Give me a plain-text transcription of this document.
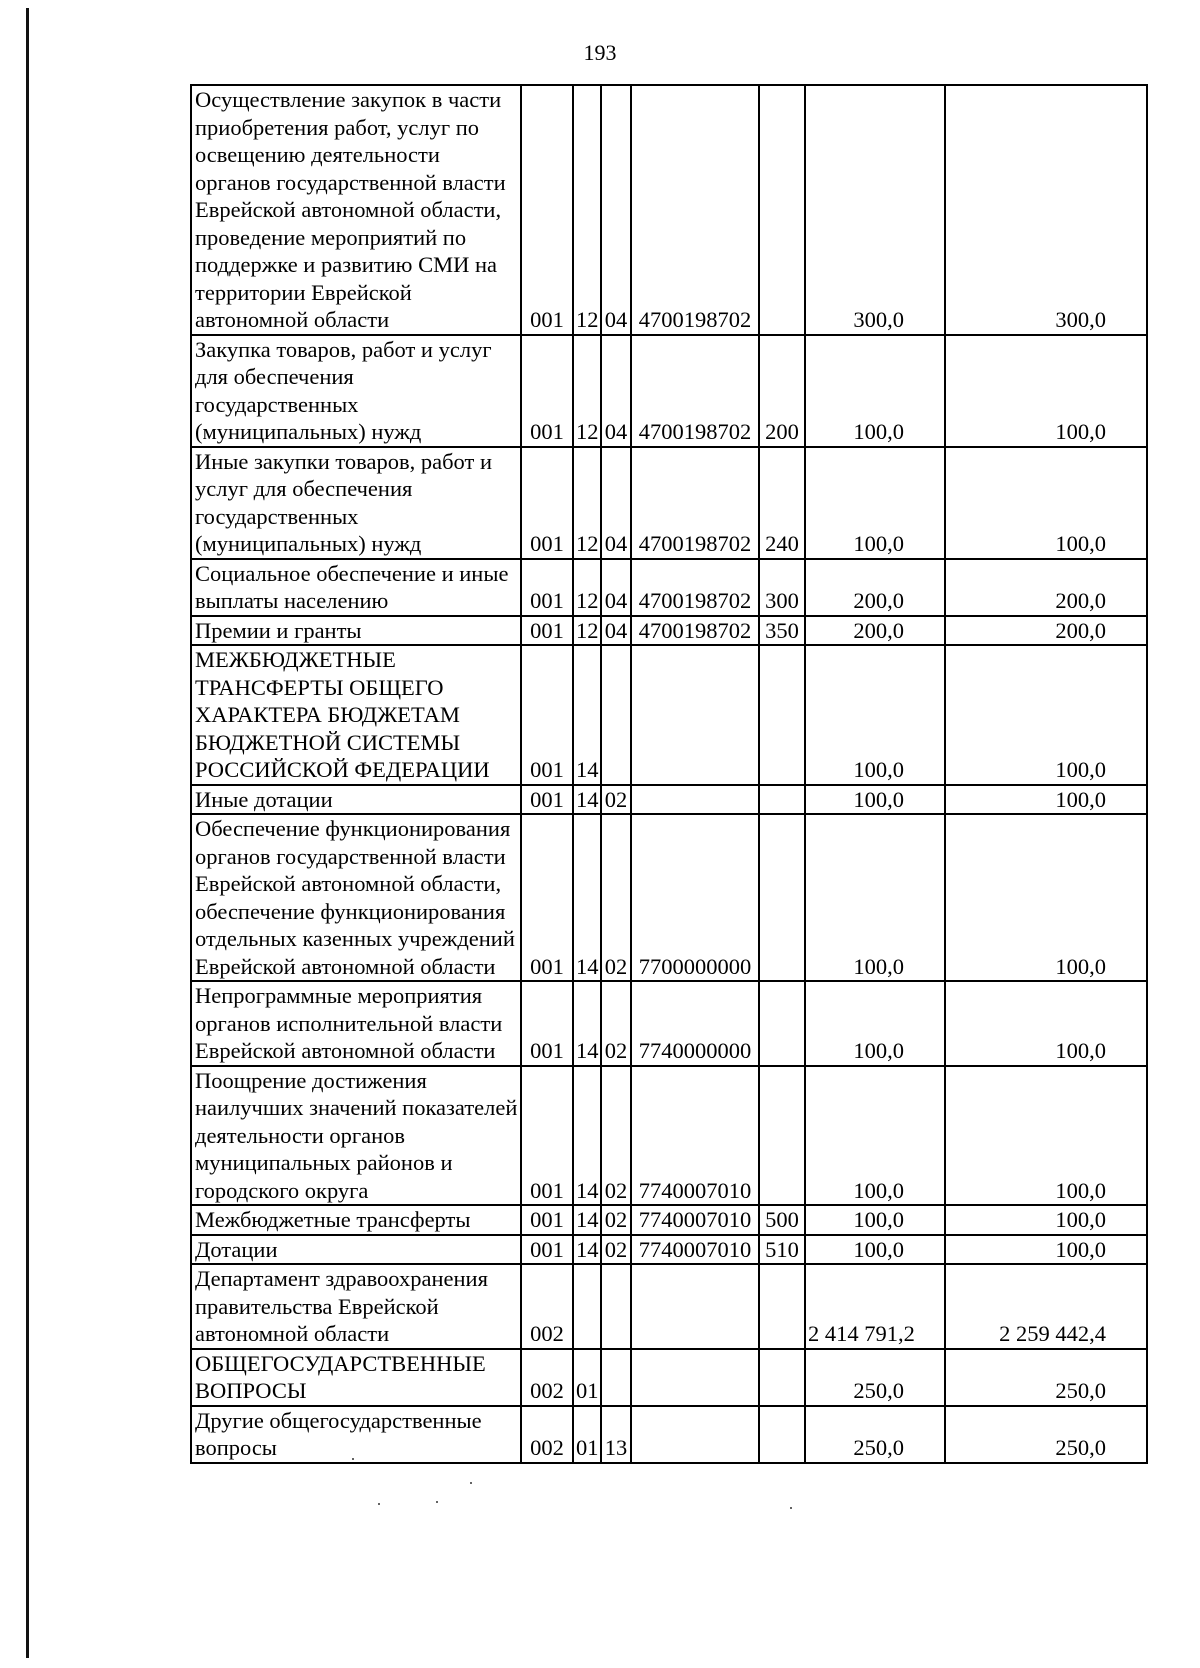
193
Осуществление закупок в части приобретения работ, услуг по освещению деятельности органов государственной власти Еврейской автономной области, проведение мероприятий по поддержке и развитию СМИ на территории Еврейской автономной области	001	12	04	4700198702		300,0	300,0
Закупка товаров, работ и услуг для обеспечения государственных (муниципальных) нужд	001	12	04	4700198702	200	100,0	100,0
Иные закупки товаров, работ и услуг для обеспечения государственных (муниципальных) нужд	001	12	04	4700198702	240	100,0	100,0
Социальное обеспечение и иные выплаты населению	001	12	04	4700198702	300	200,0	200,0
Премии и гранты	001	12	04	4700198702	350	200,0	200,0
МЕЖБЮДЖЕТНЫЕ ТРАНСФЕРТЫ ОБЩЕГО ХАРАКТЕРА БЮДЖЕТАМ БЮДЖЕТНОЙ СИСТЕМЫ РОССИЙСКОЙ ФЕДЕРАЦИИ	001	14				100,0	100,0
Иные дотации	001	14	02			100,0	100,0
Обеспечение функционирования органов государственной власти Еврейской автономной области, обеспечение функционирования отдельных казенных учреждений Еврейской автономной области	001	14	02	7700000000		100,0	100,0
Непрограммные мероприятия органов исполнительной власти Еврейской автономной области	001	14	02	7740000000		100,0	100,0
Поощрение достижения наилучших значений показателей деятельности органов муниципальных районов и городского округа	001	14	02	7740007010		100,0	100,0
Межбюджетные трансферты	001	14	02	7740007010	500	100,0	100,0
Дотации	001	14	02	7740007010	510	100,0	100,0
Департамент здравоохранения правительства Еврейской автономной области	002					2 414 791,2	2 259 442,4
ОБЩЕГОСУДАРСТВЕННЫЕ ВОПРОСЫ	002	01				250,0	250,0
Другие общегосударственные вопросы	002	01	13			250,0	250,0
